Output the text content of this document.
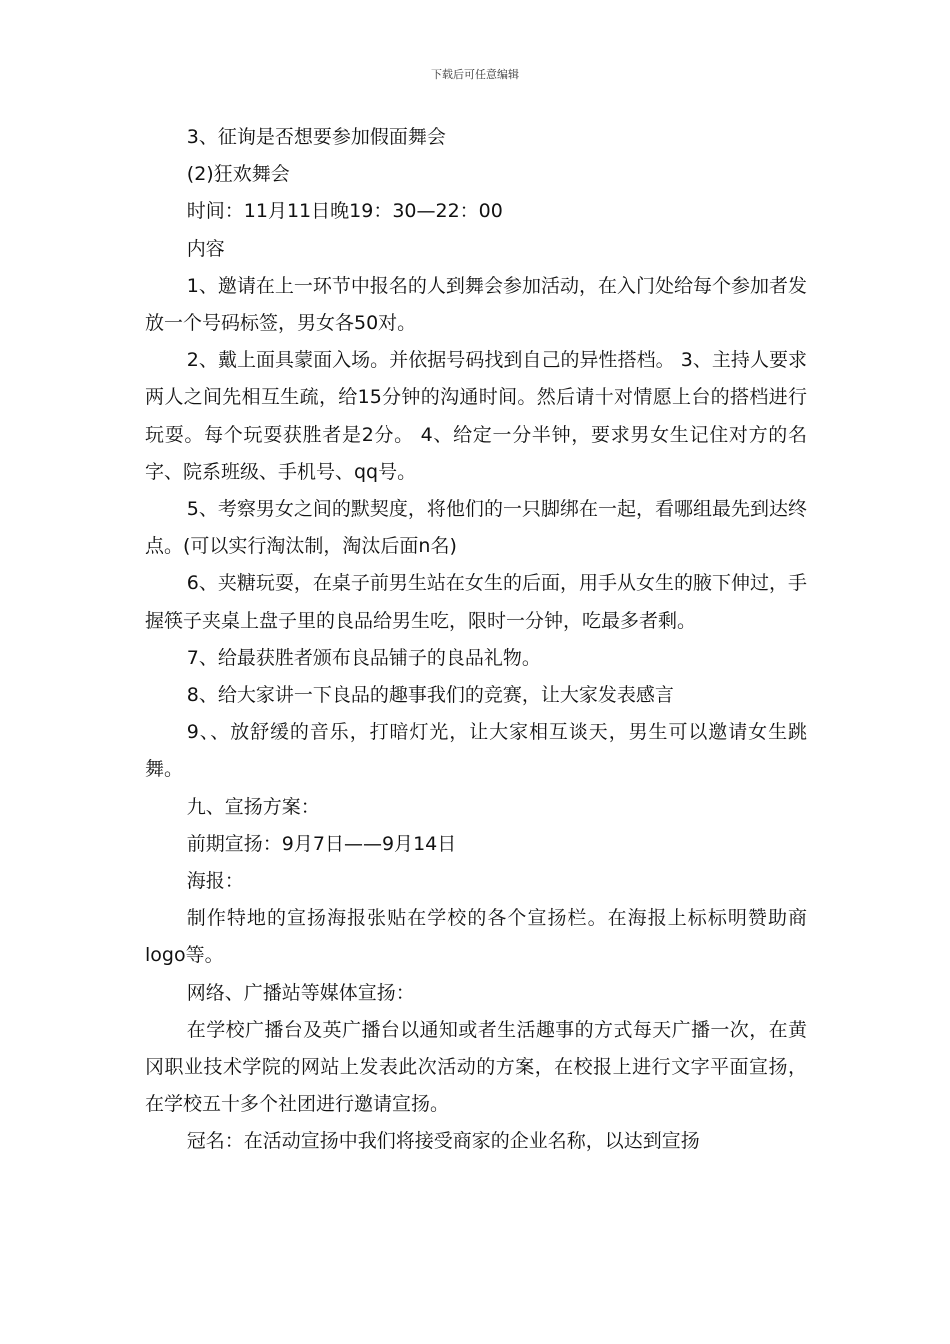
下载后可任意编辑

3、征询是否想要参加假面舞会

(2)狂欢舞会

时间：11月11日晚19：30—22：00

内容

1、邀请在上一环节中报名的人到舞会参加活动，在入门处给每个参加者发放一个号码标签，男女各50对。

2、戴上面具蒙面入场。并依据号码找到自己的异性搭档。 3、主持人要求两人之间先相互生疏，给15分钟的沟通时间。然后请十对情愿上台的搭档进行玩耍。每个玩耍获胜者是2分。 4、给定一分半钟，要求男女生记住对方的名字、院系班级、手机号、qq号。

5、考察男女之间的默契度，将他们的一只脚绑在一起，看哪组最先到达终点。(可以实行淘汰制，淘汰后面n名)

6、夹糖玩耍，在桌子前男生站在女生的后面，用手从女生的腋下伸过，手握筷子夹桌上盘子里的良品给男生吃，限时一分钟，吃最多者剩。

7、给最获胜者颁布良品铺子的良品礼物。

8、给大家讲一下良品的趣事我们的竞赛，让大家发表感言

9、、放舒缓的音乐，打暗灯光，让大家相互谈天，男生可以邀请女生跳舞。

九、宣扬方案：

前期宣扬：9月7日——9月14日

海报：

制作特地的宣扬海报张贴在学校的各个宣扬栏。在海报上标标明赞助商logo等。

网络、广播站等媒体宣扬：

在学校广播台及英广播台以通知或者生活趣事的方式每天广播一次，在黄冈职业技术学院的网站上发表此次活动的方案，在校报上进行文字平面宣扬，在学校五十多个社团进行邀请宣扬。

冠名：在活动宣扬中我们将接受商家的企业名称，以达到宣扬
